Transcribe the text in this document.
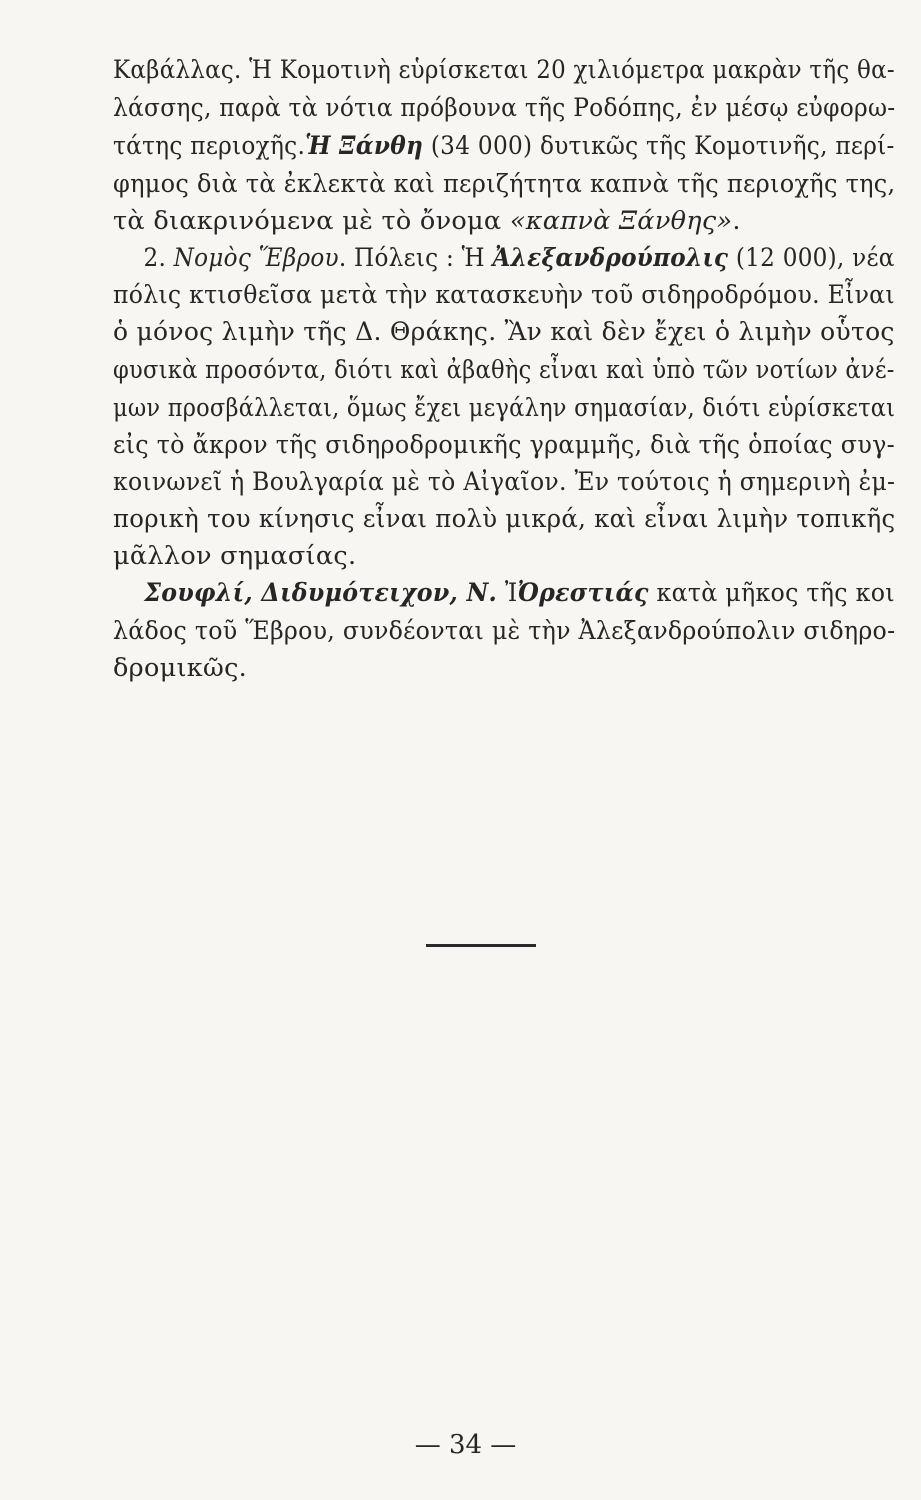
Καβάλλας. Ἡ Κομοτινὴ εὑρίσκεται 20 χιλιόμετρα μακρὰν τῆς θα-
λάσσης, παρὰ τὰ νότια πρόβουνα τῆς Ροδόπης, ἐν μέσῳ εὐφορω-
τάτης περιοχῆς.Ἡ Ξάνθη (34 000) δυτικῶς τῆς Κομοτινῆς, περί-
φημος διὰ τὰ ἐκλεκτὰ καὶ περιζήτητα καπνὰ τῆς περιοχῆς της,
τὰ διακρινόμενα μὲ τὸ ὄνομα «καπνὰ Ξάνθης».
2. Νομὸς Ἕβρου. Πόλεις : Ἡ Ἀλεξανδρούπολις (12 000), νέα
πόλις κτισθεῖσα μετὰ τὴν κατασκευὴν τοῦ σιδηροδρόμου. Εἶναι
ὁ μόνος λιμὴν τῆς Δ. Θράκης. Ἂν καὶ δὲν ἔχει ὁ λιμὴν οὗτος
φυσικὰ προσόντα, διότι καὶ ἀβαθὴς εἶναι καὶ ὑπὸ τῶν νοτίων ἀνέ-
μων προσβάλλεται, ὅμως ἔχει μεγάλην σημασίαν, διότι εὑρίσκεται
εἰς τὸ ἄκρον τῆς σιδηροδρομικῆς γραμμῆς, διὰ τῆς ὁποίας συγ-
κοινωνεῖ ἡ Βουλγαρία μὲ τὸ Αἰγαῖον. Ἐν τούτοις ἡ σημερινὴ ἐμ-
πορικὴ του κίνησις εἶναι πολὺ μικρά, καὶ εἶναι λιμὴν τοπικῆς
μᾶλλον σημασίας.
Σουφλί, Διδυμότειχον, Ν. ἸὈρεστιάς κατὰ μῆκος τῆς κοι
λάδος τοῦ Ἕβρου, συνδέονται μὲ τὴν Ἀλεξανδρούπολιν σιδηρο-
δρομικῶς.
— 34 —
